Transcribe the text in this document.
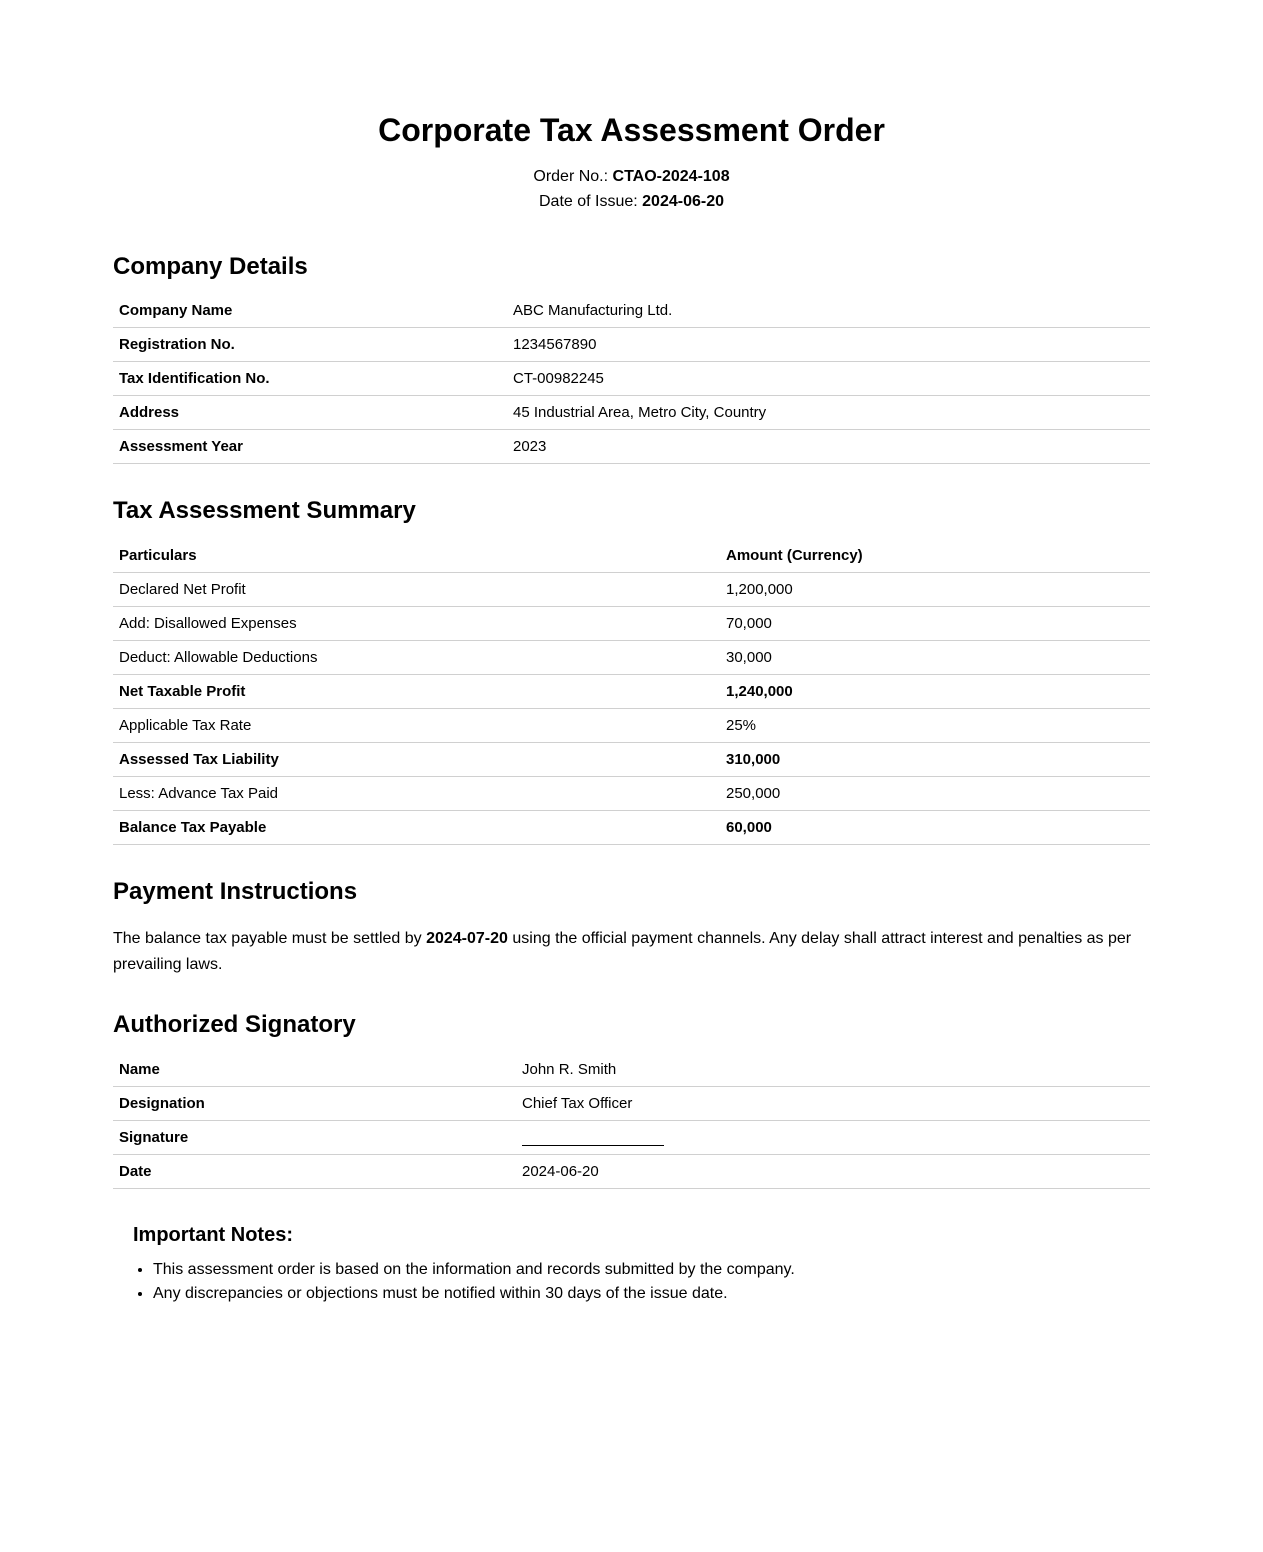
Corporate Tax Assessment Order
Order No.: CTAO-2024-108
Date of Issue: 2024-06-20
Company Details
Company Name	ABC Manufacturing Ltd.
Registration No.	1234567890
Tax Identification No.	CT-00982245
Address	45 Industrial Area, Metro City, Country
Assessment Year	2023
Tax Assessment Summary
Particulars	Amount (Currency)
Declared Net Profit	1,200,000
Add: Disallowed Expenses	70,000
Deduct: Allowable Deductions	30,000
Net Taxable Profit	1,240,000
Applicable Tax Rate	25%
Assessed Tax Liability	310,000
Less: Advance Tax Paid	250,000
Balance Tax Payable	60,000
Payment Instructions

The balance tax payable must be settled by 2024-07-20 using the official payment channels. Any delay shall attract interest and penalties as per prevailing laws.

Authorized Signatory
Name	John R. Smith
Designation	Chief Tax Officer
Signature	
Date	2024-06-20
Important Notes:
• This assessment order is based on the information and records submitted by the company.
• Any discrepancies or objections must be notified within 30 days of the issue date.
